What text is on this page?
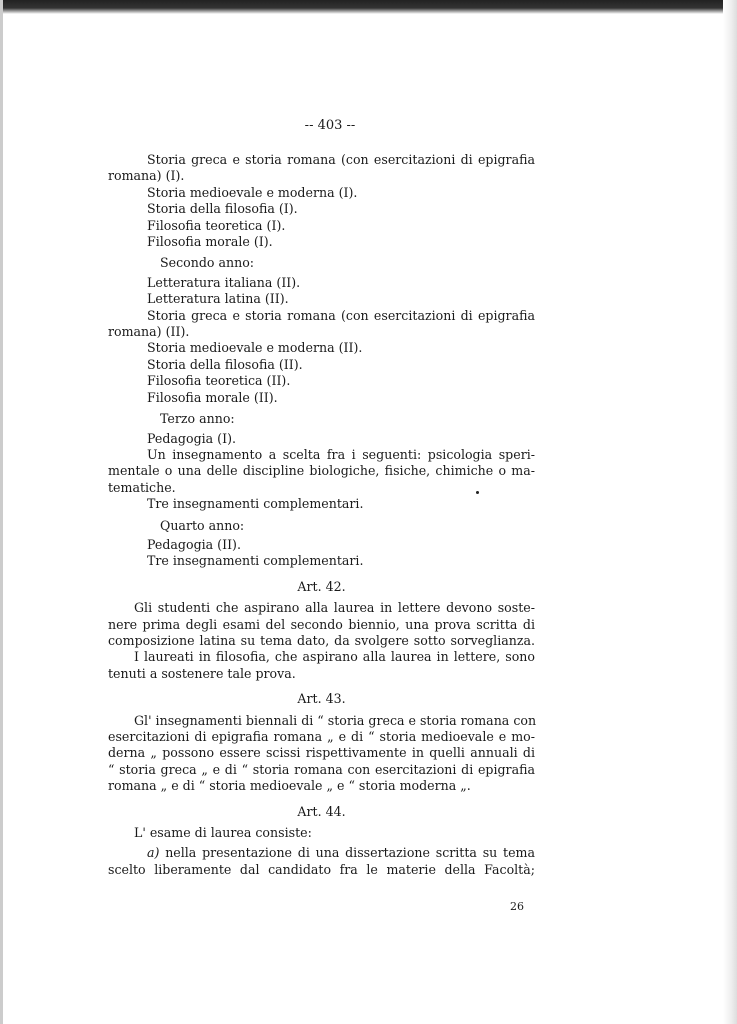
-- 403 --
Storia greca e storia romana (con esercitazioni di epigrafia
romana) (I).
Storia medioevale e moderna (I).
Storia della filosofia (I).
Filosofia teoretica (I).
Filosofia morale (I).
Secondo anno:
Letteratura italiana (II).
Letteratura latina (II).
Storia greca e storia romana (con esercitazioni di epigrafia
romana) (II).
Storia medioevale e moderna (II).
Storia della filosofia (II).
Filosofia teoretica (II).
Filosofia morale (II).
Terzo anno:
Pedagogia (I).
Un insegnamento a scelta fra i seguenti: psicologia speri-
mentale o una delle discipline biologiche, fisiche, chimiche o ma-
tematiche.
Tre insegnamenti complementari.
Quarto anno:
Pedagogia (II).
Tre insegnamenti complementari.
Art. 42.
Gli studenti che aspirano alla laurea in lettere devono soste-
nere prima degli esami del secondo biennio, una prova scritta di
composizione latina su tema dato, da svolgere sotto sorveglianza.
I laureati in filosofia, che aspirano alla laurea in lettere, sono
tenuti a sostenere tale prova.
Art. 43.
Gl' insegnamenti biennali di “ storia greca e storia romana con
esercitazioni di epigrafia romana „ e di “ storia medioevale e mo-
derna „ possono essere scissi rispettivamente in quelli annuali di
“ storia greca „ e di “ storia romana con esercitazioni di epigrafia
romana „ e di “ storia medioevale „ e “ storia moderna „.
Art. 44.
L' esame di laurea consiste:
a) nella presentazione di una dissertazione scritta su tema
scelto liberamente dal candidato fra le materie della Facoltà;
26
